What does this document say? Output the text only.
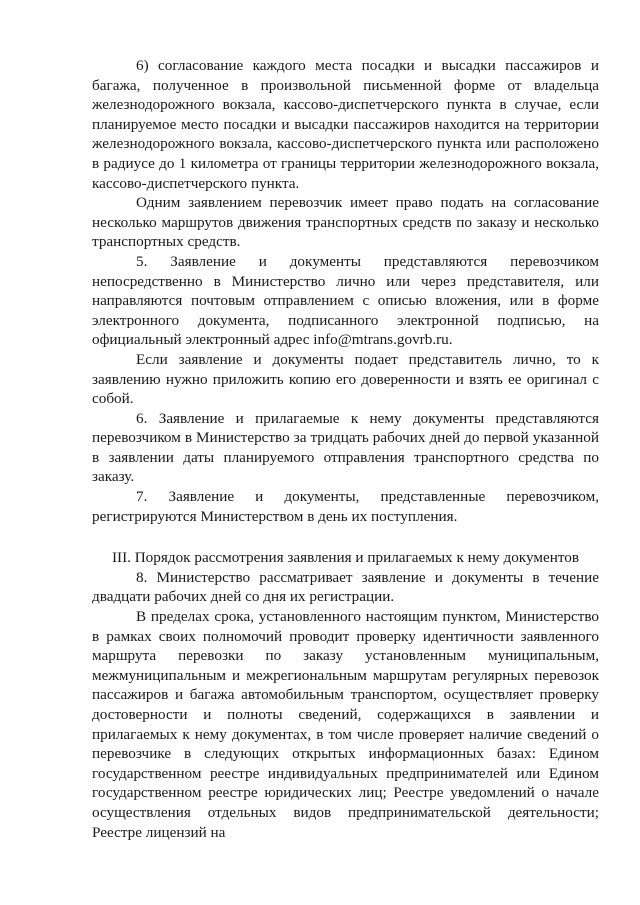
6) согласование каждого места посадки и высадки пассажиров и багажа, полученное в произвольной письменной форме от владельца железнодорожного вокзала, кассово-диспетчерского пункта в случае, если планируемое место посадки и высадки пассажиров находится на территории железнодорожного вокзала, кассово-диспетчерского пункта или расположено в радиусе до 1 километра от границы территории железнодорожного вокзала, кассово-диспетчерского пункта.

Одним заявлением перевозчик имеет право подать на согласование несколько маршрутов движения транспортных средств по заказу и несколько транспортных средств.

5. Заявление и документы представляются перевозчиком непосредственно в Министерство лично или через представителя, или направляются почтовым отправлением с описью вложения, или в форме электронного документа, подписанного электронной подписью, на официальный электронный адрес info@mtrans.govrb.ru.

Если заявление и документы подает представитель лично, то к заявлению нужно приложить копию его доверенности и взять ее оригинал с собой.

6. Заявление и прилагаемые к нему документы представляются перевозчиком в Министерство за тридцать рабочих дней до первой указанной в заявлении даты планируемого отправления транспортного средства по заказу.

7. Заявление и документы, представленные перевозчиком, регистрируются Министерством в день их поступления.

III. Порядок рассмотрения заявления и прилагаемых к нему документов

8. Министерство рассматривает заявление и документы в течение двадцати рабочих дней со дня их регистрации.

В пределах срока, установленного настоящим пунктом, Министерство в рамках своих полномочий проводит проверку идентичности заявленного маршрута перевозки по заказу установленным муниципальным, межмуниципальным и межрегиональным маршрутам регулярных перевозок пассажиров и багажа автомобильным транспортом, осуществляет проверку достоверности и полноты сведений, содержащихся в заявлении и прилагаемых к нему документах, в том числе проверяет наличие сведений о перевозчике в следующих открытых информационных базах: Едином государственном реестре индивидуальных предпринимателей или Едином государственном реестре юридических лиц; Реестре уведомлений о начале осуществления отдельных видов предпринимательской деятельности; Реестре лицензий на
